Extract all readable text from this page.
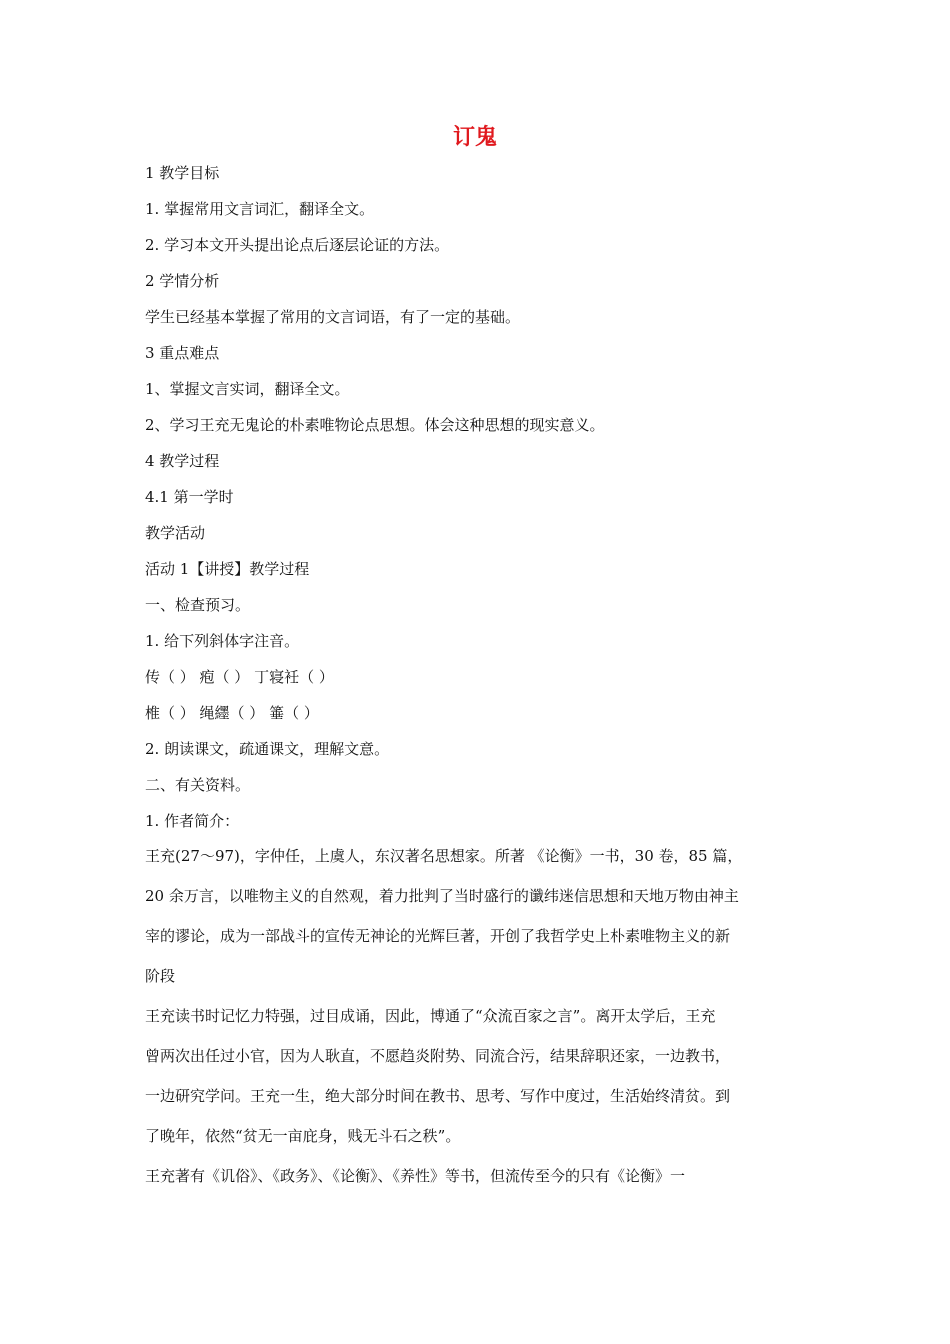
订鬼
1 教学目标
1. 掌握常用文言词汇，翻译全文。
2. 学习本文开头提出论点后逐层论证的方法。
2 学情分析
学生已经基本掌握了常用的文言词语，有了一定的基础。
3 重点难点
1、掌握文言实词，翻译全文。
2、学习王充无鬼论的朴素唯物论点思想。体会这种思想的现实意义。
4 教学过程
4.1 第一学时
教学活动
活动 1【讲授】教学过程
一、检查预习。
1. 给下列斜体字注音。
传（ ） 疱（ ） 丁寝衽（ ）
椎（ ） 绳纆（ ） 箠（ ）
2. 朗读课文，疏通课文，理解文意。
二、有关资料。
1. 作者简介：
王充(27～97)，字仲任，上虞人，东汉著名思想家。所著 《论衡》一书，30 卷，85 篇，
20 余万言，以唯物主义的自然观，着力批判了当时盛行的谶纬迷信思想和天地万物由神主
宰的谬论，成为一部战斗的宣传无神论的光辉巨著，开创了我哲学史上朴素唯物主义的新
阶段
王充读书时记忆力特强，过目成诵，因此，博通了“众流百家之言”。离开太学后，王充
曾两次出任过小官，因为人耿直，不愿趋炎附势、同流合污，结果辞职还家，一边教书，
一边研究学问。王充一生，绝大部分时间在教书、思考、写作中度过，生活始终清贫。到
了晚年，依然“贫无一亩庇身，贱无斗石之秩”。
王充著有《讥俗》、《政务》、《论衡》、《养性》等书，但流传至今的只有《论衡》一
